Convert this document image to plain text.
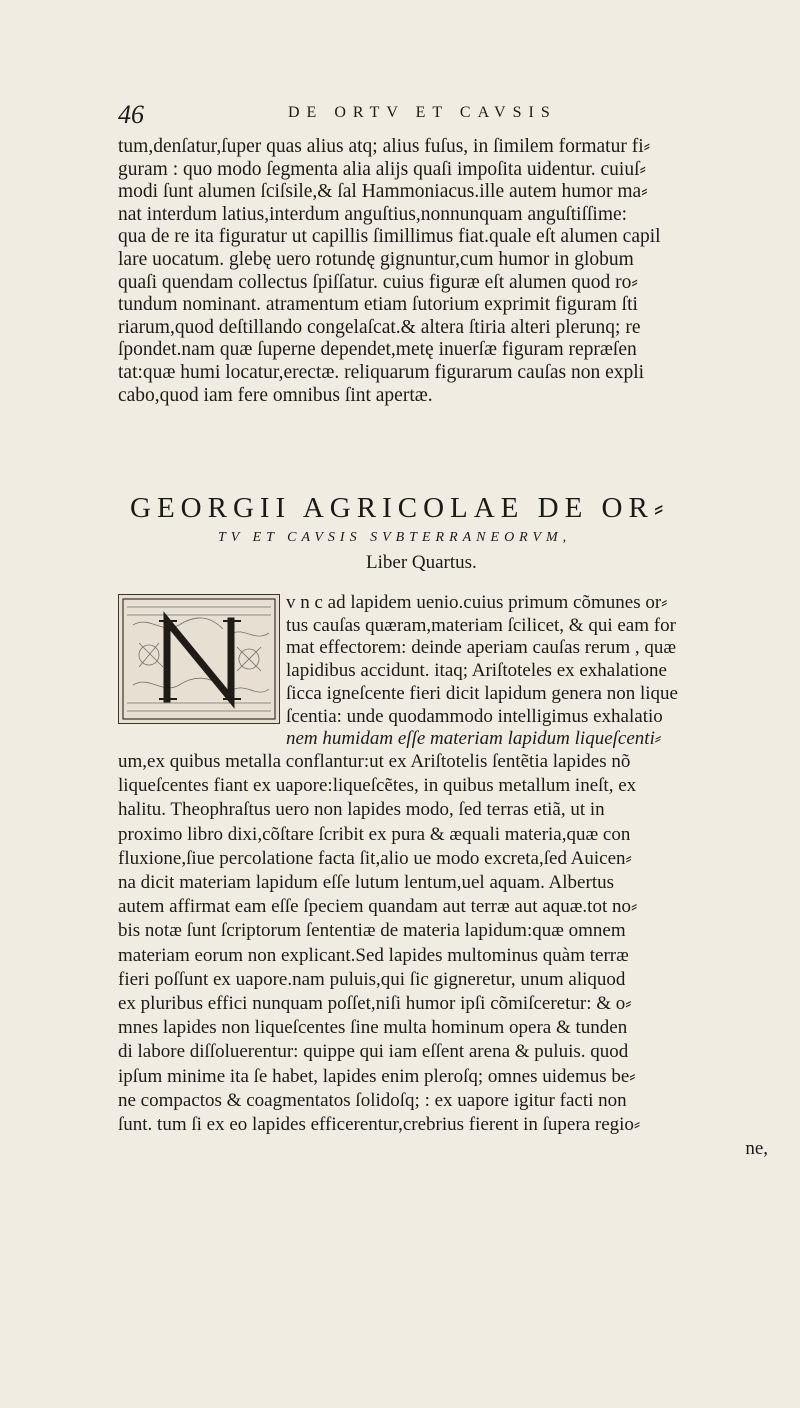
46	DE ORTV ET CAVSIS
tum,denſatur,ſuper quas alius atq; alius fuſus, in ſimilem formatur fi⸗
guram : quo modo ſegmenta alia alijs quaſi impoſita uidentur. cuiuſ⸗
modi ſunt alumen ſciſsile,& ſal Hammoniacus.ille autem humor ma⸗
nat interdum latius,interdum anguſtius,nonnunquam anguſtiſſime:
qua de re ita figuratur ut capillis ſimillimus fiat.quale eſt alumen capil
lare uocatum. glebę uero rotundę gignuntur,cum humor in globum
quaſi quendam collectus ſpiſſatur. cuius figuræ eſt alumen quod ro⸗
tundum nominant. atramentum etiam ſutorium exprimit figuram ſti
riarum,quod deſtillando congelaſcat.& altera ſtiria alteri plerunq; re
ſpondet.nam quæ ſuperne dependet,metę inuerſæ figuram repræſen
tat:quæ humi locatur,erectæ. reliquarum figurarum cauſas non expli
cabo,quod iam fere omnibus ſint apertæ.
GEORGII AGRICOLAE DE OR⸗
TV ET CAVSIS SVBTERRANEORVM,
Liber Quartus.
v n c ad lapidem uenio.cuius primum cõmunes or⸗
tus cauſas quæram,materiam ſcilicet, & qui eam for
mat effectorem: deinde aperiam cauſas rerum , quæ
lapidibus accidunt. itaq; Ariſtoteles ex exhalatione
ſicca igneſcente fieri dicit lapidum genera non lique
ſcentia: unde quodammodo intelligimus exhalatio
nem humidam eſſe materiam lapidum liqueſcenti⸗
um,ex quibus metalla conflantur:ut ex Ariſtotelis ſentẽtia lapides nõ
liqueſcentes fiant ex uapore:liqueſcẽtes, in quibus metallum ineſt, ex
halitu. Theophraſtus uero non lapides modo, ſed terras etiã, ut in
proximo libro dixi,cõſtare ſcribit ex pura & æquali materia,quæ con
fluxione,ſiue percolatione facta ſit,alio ue modo excreta,ſed Auicen⸗
na dicit materiam lapidum eſſe lutum lentum,uel aquam. Albertus
autem affirmat eam eſſe ſpeciem quandam aut terræ aut aquæ.tot no⸗
bis notæ ſunt ſcriptorum ſententiæ de materia lapidum:quæ omnem
materiam eorum non explicant.Sed lapides multominus quàm terræ
fieri poſſunt ex uapore.nam puluis,qui ſic gigneretur, unum aliquod
ex pluribus effici nunquam poſſet,niſi humor ipſi cõmiſceretur: & o⸗
mnes lapides non liqueſcentes ſine multa hominum opera & tunden
di labore diſſoluerentur: quippe qui iam eſſent arena & puluis. quod
ipſum minime ita ſe habet, lapides enim pleroſq; omnes uidemus be⸗
ne compactos & coagmentatos ſolidoſq; : ex uapore igitur facti non
ſunt. tum ſi ex eo lapides efficerentur,crebrius fierent in ſupera regio⸗
ne,
